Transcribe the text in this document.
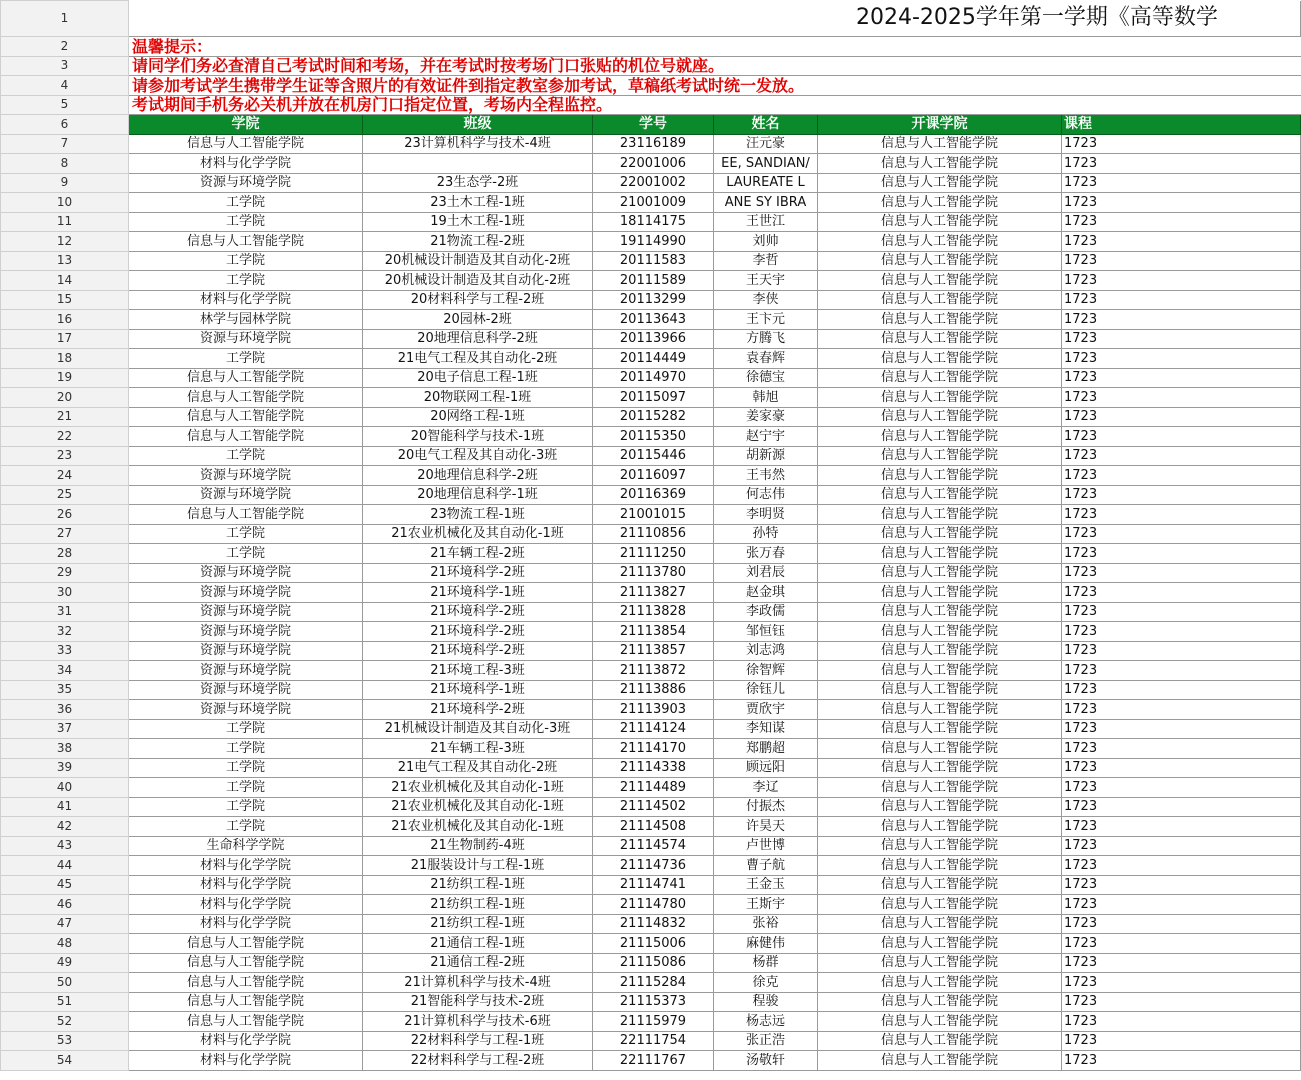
1	2024-2025学年第一学期《高等数学					

2	温馨提示：					
3	请同学们务必查清自己考试时间和考场，并在考试时按考场门口张贴的机位号就座。					
4	请参加考试学生携带学生证等含照片的有效证件到指定教室参加考试，草稿纸考试时统一发放。					
5	考试期间手机务必关机并放在机房门口指定位置，考场内全程监控。					
6	学院	班级	学号	姓名	开课学院	课程
7	信息与人工智能学院	23计算机科学与技术-4班	23116189	汪元豪	信息与人工智能学院	1723
8	材料与化学学院		22001006	EE, SANDIAN/	信息与人工智能学院	1723
9	资源与环境学院	23生态学-2班	22001002	LAUREATE L	信息与人工智能学院	1723
10	工学院	23土木工程-1班	21001009	ANE SY IBRA	信息与人工智能学院	1723
11	工学院	19土木工程-1班	18114175	王世江	信息与人工智能学院	1723
12	信息与人工智能学院	21物流工程-2班	19114990	刘帅	信息与人工智能学院	1723
13	工学院	20机械设计制造及其自动化-2班	20111583	李哲	信息与人工智能学院	1723
14	工学院	20机械设计制造及其自动化-2班	20111589	王天宇	信息与人工智能学院	1723
15	材料与化学学院	20材料科学与工程-2班	20113299	李侠	信息与人工智能学院	1723
16	林学与园林学院	20园林-2班	20113643	王卞元	信息与人工智能学院	1723
17	资源与环境学院	20地理信息科学-2班	20113966	方腾飞	信息与人工智能学院	1723
18	工学院	21电气工程及其自动化-2班	20114449	袁春辉	信息与人工智能学院	1723
19	信息与人工智能学院	20电子信息工程-1班	20114970	徐德宝	信息与人工智能学院	1723
20	信息与人工智能学院	20物联网工程-1班	20115097	韩旭	信息与人工智能学院	1723
21	信息与人工智能学院	20网络工程-1班	20115282	姜家豪	信息与人工智能学院	1723
22	信息与人工智能学院	20智能科学与技术-1班	20115350	赵宁宇	信息与人工智能学院	1723
23	工学院	20电气工程及其自动化-3班	20115446	胡新源	信息与人工智能学院	1723
24	资源与环境学院	20地理信息科学-2班	20116097	王韦然	信息与人工智能学院	1723
25	资源与环境学院	20地理信息科学-1班	20116369	何志伟	信息与人工智能学院	1723
26	信息与人工智能学院	23物流工程-1班	21001015	李明贤	信息与人工智能学院	1723
27	工学院	21农业机械化及其自动化-1班	21110856	孙特	信息与人工智能学院	1723
28	工学院	21车辆工程-2班	21111250	张万春	信息与人工智能学院	1723
29	资源与环境学院	21环境科学-2班	21113780	刘君辰	信息与人工智能学院	1723
30	资源与环境学院	21环境科学-1班	21113827	赵金琪	信息与人工智能学院	1723
31	资源与环境学院	21环境科学-2班	21113828	李政儒	信息与人工智能学院	1723
32	资源与环境学院	21环境科学-2班	21113854	邹恒钰	信息与人工智能学院	1723
33	资源与环境学院	21环境科学-2班	21113857	刘志鸿	信息与人工智能学院	1723
34	资源与环境学院	21环境工程-3班	21113872	徐智辉	信息与人工智能学院	1723
35	资源与环境学院	21环境科学-1班	21113886	徐钰儿	信息与人工智能学院	1723
36	资源与环境学院	21环境科学-2班	21113903	贾欣宇	信息与人工智能学院	1723
37	工学院	21机械设计制造及其自动化-3班	21114124	李知谋	信息与人工智能学院	1723
38	工学院	21车辆工程-3班	21114170	郑鹏超	信息与人工智能学院	1723
39	工学院	21电气工程及其自动化-2班	21114338	顾远阳	信息与人工智能学院	1723
40	工学院	21农业机械化及其自动化-1班	21114489	李辽	信息与人工智能学院	1723
41	工学院	21农业机械化及其自动化-1班	21114502	付振杰	信息与人工智能学院	1723
42	工学院	21农业机械化及其自动化-1班	21114508	许昊天	信息与人工智能学院	1723
43	生命科学学院	21生物制药-4班	21114574	卢世博	信息与人工智能学院	1723
44	材料与化学学院	21服装设计与工程-1班	21114736	曹子航	信息与人工智能学院	1723
45	材料与化学学院	21纺织工程-1班	21114741	王金玉	信息与人工智能学院	1723
46	材料与化学学院	21纺织工程-1班	21114780	王斯宇	信息与人工智能学院	1723
47	材料与化学学院	21纺织工程-1班	21114832	张裕	信息与人工智能学院	1723
48	信息与人工智能学院	21通信工程-1班	21115006	麻健伟	信息与人工智能学院	1723
49	信息与人工智能学院	21通信工程-2班	21115086	杨群	信息与人工智能学院	1723
50	信息与人工智能学院	21计算机科学与技术-4班	21115284	徐克	信息与人工智能学院	1723
51	信息与人工智能学院	21智能科学与技术-2班	21115373	程骏	信息与人工智能学院	1723
52	信息与人工智能学院	21计算机科学与技术-6班	21115979	杨志远	信息与人工智能学院	1723
53	材料与化学学院	22材料科学与工程-1班	22111754	张正浩	信息与人工智能学院	1723
54	材料与化学学院	22材料科学与工程-2班	22111767	汤敬轩	信息与人工智能学院	1723
